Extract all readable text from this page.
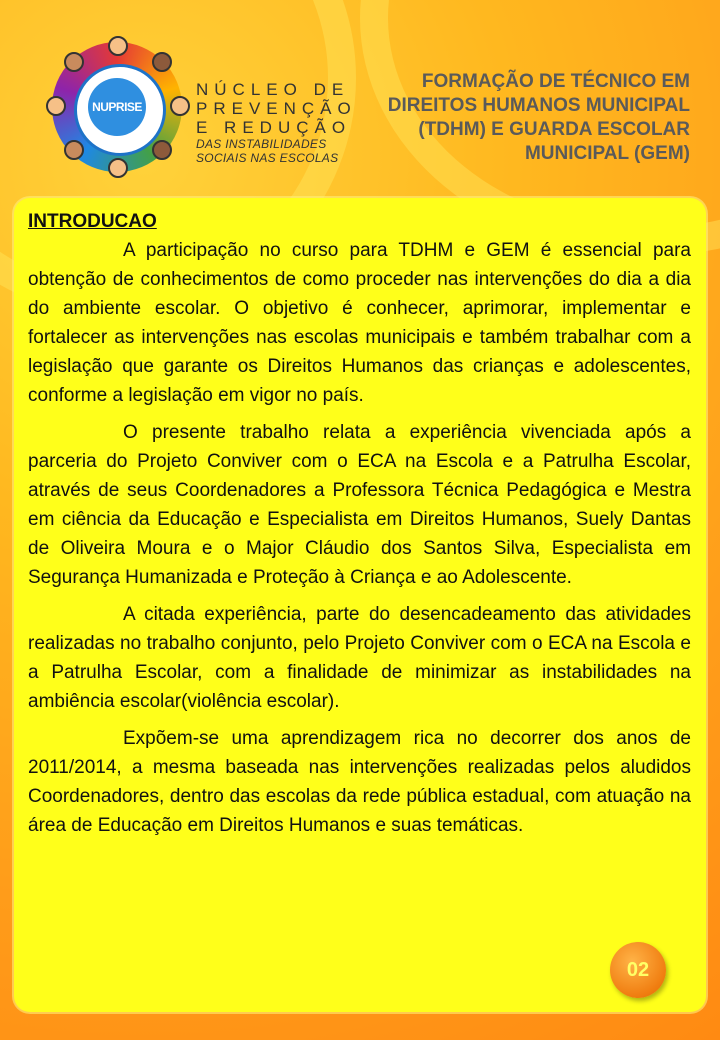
NUPRISE
NÚCLEO DE
PREVENÇÃO
E REDUÇÃO
DAS INSTABILIDADES
SOCIAIS NAS ESCOLAS
FORMAÇÃO DE TÉCNICO EM
DIREITOS HUMANOS MUNICIPAL
(TDHM) E GUARDA ESCOLAR
MUNICIPAL (GEM)
INTRODUCAO

A participação no curso para TDHM e GEM é essencial para obtenção de conhecimentos de como proceder nas intervenções do dia a dia do ambiente escolar. O objetivo é conhecer, aprimorar, implementar e fortalecer as intervenções nas escolas municipais e também trabalhar com a legislação que garante os Direitos Humanos das crianças e adolescentes, conforme a legislação em vigor no país.

O presente trabalho relata a experiência vivenciada após a parceria do Projeto Conviver com o ECA na Escola e a Patrulha Escolar, através de seus Coordenadores a Professora Técnica Pedagógica e Mestra em ciência da Educação e Especialista em Direitos Humanos, Suely Dantas de Oliveira Moura e o Major Cláudio dos Santos Silva, Especialista em Segurança Humanizada e Proteção à Criança e ao Adolescente.

A citada experiência, parte do desencadeamento das atividades realizadas no trabalho conjunto, pelo Projeto Conviver com o ECA na Escola e a Patrulha Escolar, com a finalidade de minimizar as instabilidades na ambiência escolar(violência escolar).

Expõem-se uma aprendizagem rica no decorrer dos anos de 2011/2014, a mesma baseada nas intervenções realizadas pelos aludidos Coordenadores, dentro das escolas da rede pública estadual, com atuação na área de Educação em Direitos Humanos e suas temáticas.

02
